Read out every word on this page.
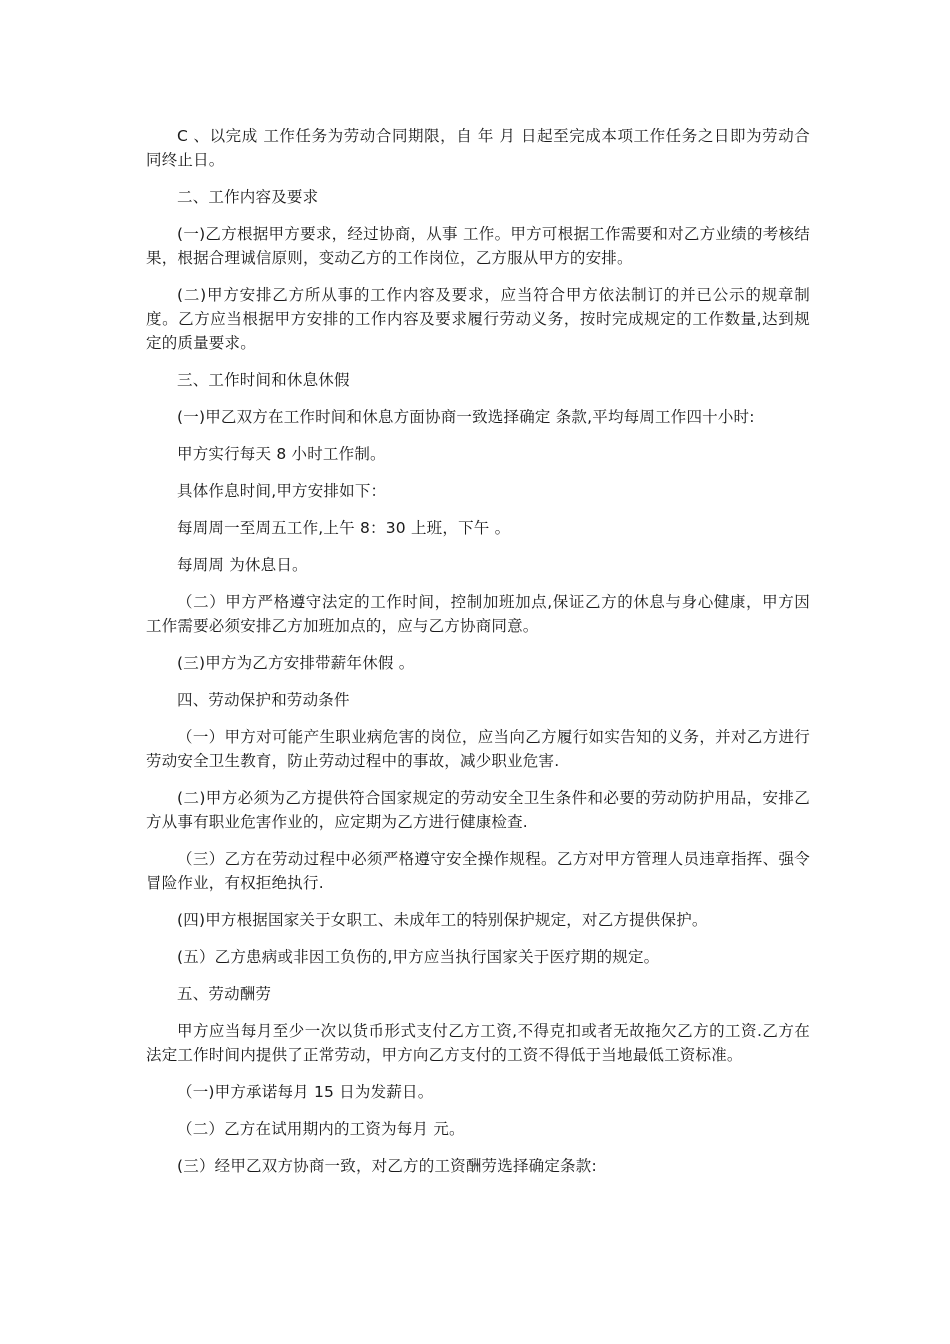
C 、以完成 工作任务为劳动合同期限，自 年 月 日起至完成本项工作任务之日即为劳动合同终止日。

二、工作内容及要求

(一)乙方根据甲方要求，经过协商，从事 工作。甲方可根据工作需要和对乙方业绩的考核结果，根据合理诚信原则，变动乙方的工作岗位，乙方服从甲方的安排。

(二)甲方安排乙方所从事的工作内容及要求，应当符合甲方依法制订的并已公示的规章制度。乙方应当根据甲方安排的工作内容及要求履行劳动义务，按时完成规定的工作数量,达到规定的质量要求。

三、工作时间和休息休假

(一)甲乙双方在工作时间和休息方面协商一致选择确定 条款,平均每周工作四十小时:

甲方实行每天 8 小时工作制。

具体作息时间,甲方安排如下：

每周周一至周五工作,上午 8：30 上班，下午 。

每周周 为休息日。

（二）甲方严格遵守法定的工作时间，控制加班加点,保证乙方的休息与身心健康，甲方因工作需要必须安排乙方加班加点的，应与乙方协商同意。

(三)甲方为乙方安排带薪年休假 。

四、劳动保护和劳动条件

（一）甲方对可能产生职业病危害的岗位，应当向乙方履行如实告知的义务，并对乙方进行劳动安全卫生教育，防止劳动过程中的事故，减少职业危害.

(二)甲方必须为乙方提供符合国家规定的劳动安全卫生条件和必要的劳动防护用品，安排乙方从事有职业危害作业的，应定期为乙方进行健康检查.

（三）乙方在劳动过程中必须严格遵守安全操作规程。乙方对甲方管理人员违章指挥、强令冒险作业，有权拒绝执行.

(四)甲方根据国家关于女职工、未成年工的特别保护规定，对乙方提供保护。

(五）乙方患病或非因工负伤的,甲方应当执行国家关于医疗期的规定。

五、劳动酬劳

甲方应当每月至少一次以货币形式支付乙方工资,不得克扣或者无故拖欠乙方的工资.乙方在法定工作时间内提供了正常劳动，甲方向乙方支付的工资不得低于当地最低工资标准。

（一)甲方承诺每月 15 日为发薪日。

（二）乙方在试用期内的工资为每月 元。

(三）经甲乙双方协商一致，对乙方的工资酬劳选择确定条款:
